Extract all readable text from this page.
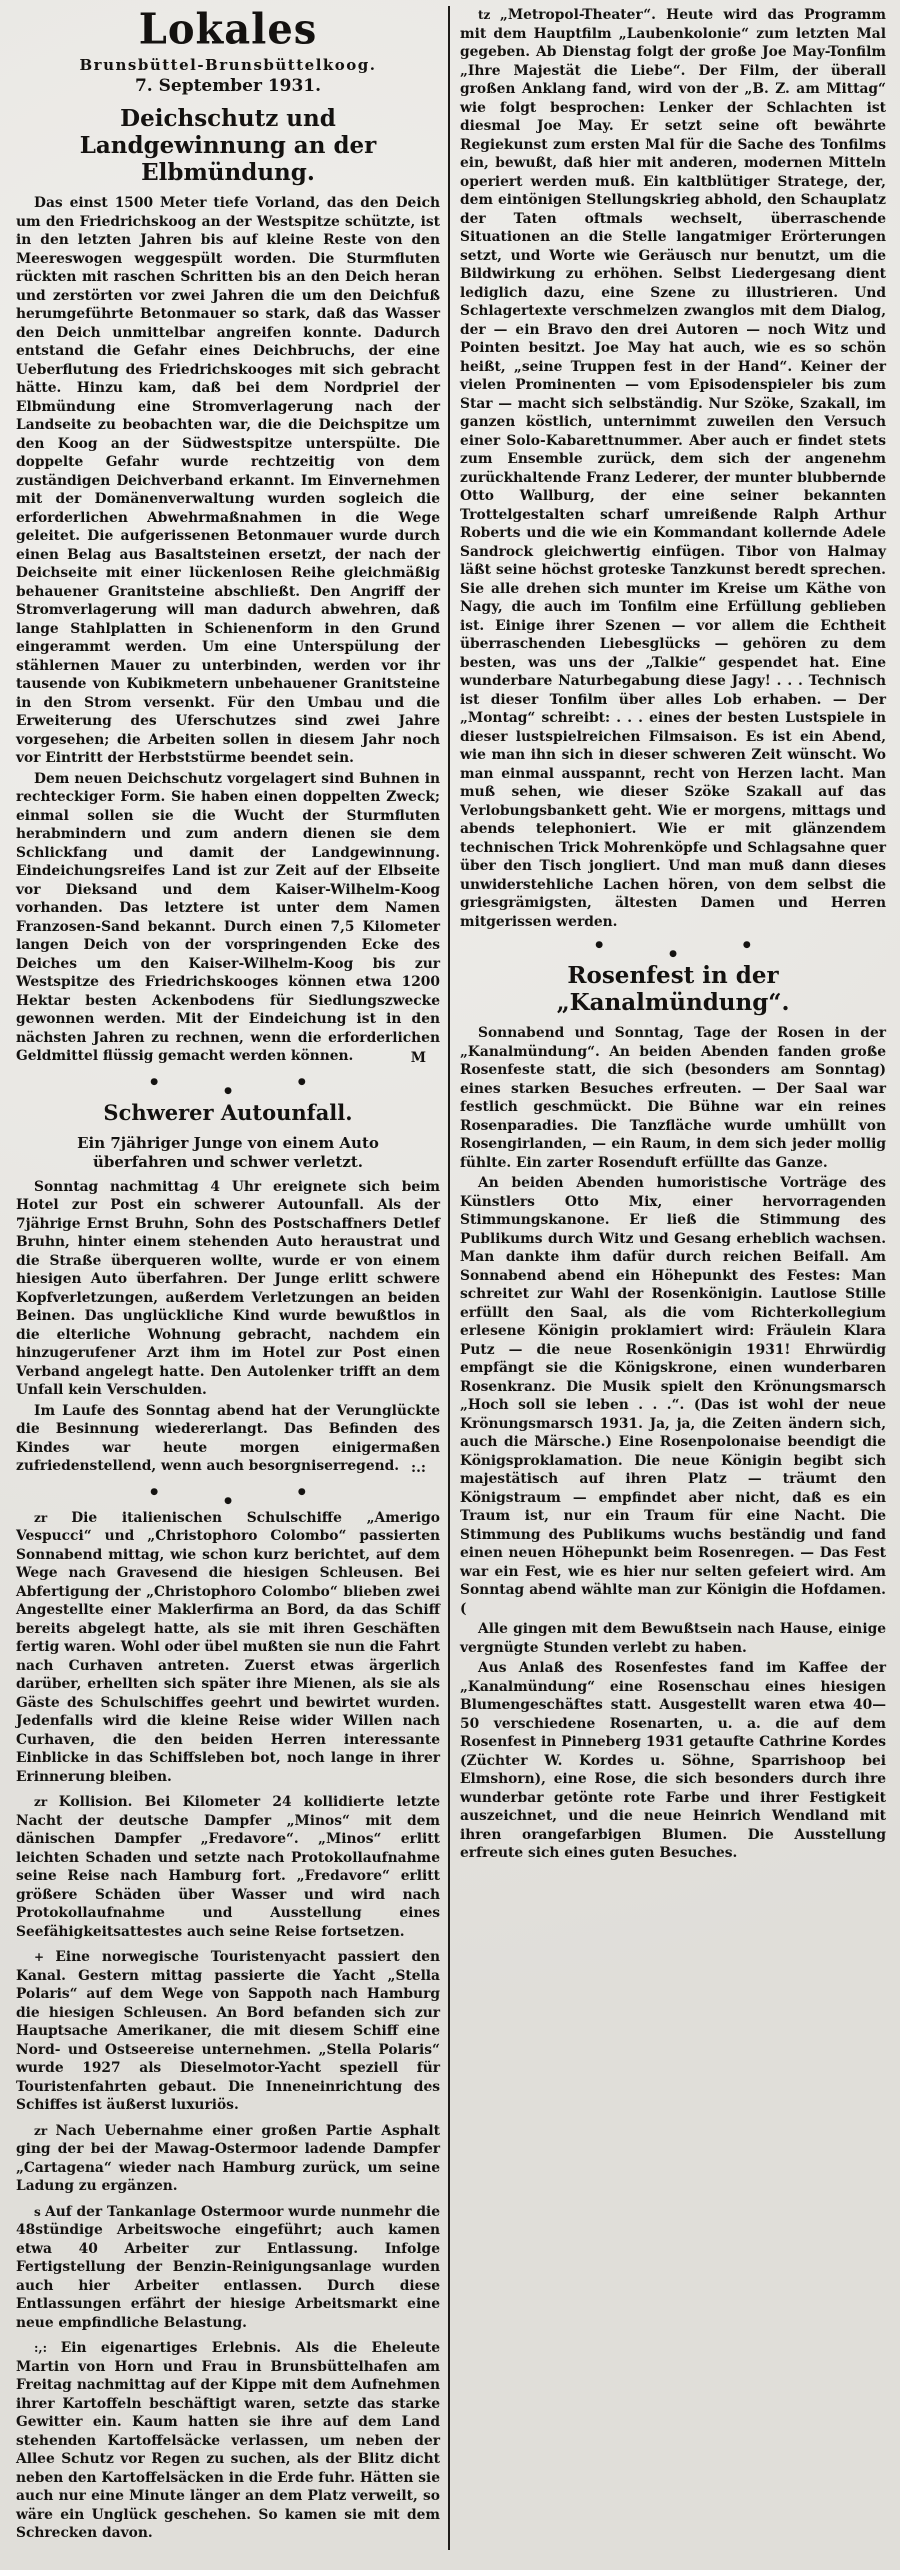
Lokales
Brunsbüttel-Brunsbüttelkoog.
7. September 1931.
Deichschutz und Landgewinnung an der Elbmündung.

Das einst 1500 Meter tiefe Vorland, das den Deich um den Friedrichskoog an der Westspitze schützte, ist in den letzten Jahren bis auf kleine Reste von den Meereswogen weggespült worden. Die Sturmfluten rückten mit raschen Schritten bis an den Deich heran und zerstörten vor zwei Jahren die um den Deichfuß herumgeführte Betonmauer so stark, daß das Wasser den Deich unmittelbar angreifen konnte. Dadurch entstand die Gefahr eines Deichbruchs, der eine Ueberflutung des Friedrichskooges mit sich gebracht hätte. Hinzu kam, daß bei dem Nordpriel der Elbmündung eine Stromverlagerung nach der Landseite zu beobachten war, die die Deichspitze um den Koog an der Südwestspitze unterspülte. Die doppelte Gefahr wurde rechtzeitig von dem zuständigen Deichverband erkannt. Im Einvernehmen mit der Domänenverwaltung wurden sogleich die erforderlichen Abwehrmaßnahmen in die Wege geleitet. Die aufgerissenen Betonmauer wurde durch einen Belag aus Basaltsteinen ersetzt, der nach der Deichseite mit einer lückenlosen Reihe gleichmäßig behauener Granitsteine abschließt. Den Angriff der Stromverlagerung will man dadurch abwehren, daß lange Stahlplatten in Schienenform in den Grund eingerammt werden. Um eine Unterspülung der stählernen Mauer zu unterbinden, werden vor ihr tausende von Kubikmetern unbehauener Granitsteine in den Strom versenkt. Für den Umbau und die Erweiterung des Uferschutzes sind zwei Jahre vorgesehen; die Arbeiten sollen in diesem Jahr noch vor Eintritt der Herbststürme beendet sein.

Dem neuen Deichschutz vorgelagert sind Buhnen in rechteckiger Form. Sie haben einen doppelten Zweck; einmal sollen sie die Wucht der Sturmfluten herabmindern und zum andern dienen sie dem Schlickfang und damit der Landgewinnung. Eindeichungsreifes Land ist zur Zeit auf der Elbseite vor Dieksand und dem Kaiser-Wilhelm-Koog vorhanden. Das letztere ist unter dem Namen Franzosen-Sand bekannt. Durch einen 7,5 Kilometer langen Deich von der vorspringenden Ecke des Deiches um den Kaiser-Wilhelm-Koog bis zur Westspitze des Friedrichskooges können etwa 1200 Hektar besten Ackenbodens für Siedlungszwecke gewonnen werden. Mit der Eindeichung ist in den nächsten Jahren zu rechnen, wenn die erforderlichen Geldmittel flüssig gemacht werden können.	M
●
●
●
Schwerer Autounfall.
Ein 7jähriger Junge von einem Auto überfahren und schwer verletzt.

Sonntag nachmittag 4 Uhr ereignete sich beim Hotel zur Post ein schwerer Autounfall. Als der 7jährige Ernst Bruhn, Sohn des Postschaffners Detlef Bruhn, hinter einem stehenden Auto heraustrat und die Straße überqueren wollte, wurde er von einem hiesigen Auto überfahren. Der Junge erlitt schwere Kopfverletzungen, außerdem Verletzungen an beiden Beinen. Das unglückliche Kind wurde bewußtlos in die elterliche Wohnung gebracht, nachdem ein hinzugerufener Arzt ihm im Hotel zur Post einen Verband angelegt hatte. Den Autolenker trifft an dem Unfall kein Verschulden.

Im Laufe des Sonntag abend hat der Verunglückte die Besinnung wiedererlangt. Das Befinden des Kindes war heute morgen einigermaßen zufriedenstellend, wenn auch besorgniserregend. :.:
●
●
●

zr Die italienischen Schulschiffe „Amerigo Vespucci“ und „Christophoro Colombo“ passierten Sonnabend mittag, wie schon kurz berichtet, auf dem Wege nach Gravesend die hiesigen Schleusen. Bei Abfertigung der „Christophoro Colombo“ blieben zwei Angestellte einer Maklerfirma an Bord, da das Schiff bereits abgelegt hatte, als sie mit ihren Geschäften fertig waren. Wohl oder übel mußten sie nun die Fahrt nach Curhaven antreten. Zuerst etwas ärgerlich darüber, erhellten sich später ihre Mienen, als sie als Gäste des Schulschiffes geehrt und bewirtet wurden. Jedenfalls wird die kleine Reise wider Willen nach Curhaven, die den beiden Herren interessante Einblicke in das Schiffsleben bot, noch lange in ihrer Erinnerung bleiben.

zr Kollision. Bei Kilometer 24 kollidierte letzte Nacht der deutsche Dampfer „Minos“ mit dem dänischen Dampfer „Fredavore“. „Minos“ erlitt leichten Schaden und setzte nach Protokollaufnahme seine Reise nach Hamburg fort. „Fredavore“ erlitt größere Schäden über Wasser und wird nach Protokollaufnahme und Ausstellung eines Seefähigkeitsattestes auch seine Reise fortsetzen.

+ Eine norwegische Touristenyacht passiert den Kanal. Gestern mittag passierte die Yacht „Stella Polaris“ auf dem Wege von Sappoth nach Hamburg die hiesigen Schleusen. An Bord befanden sich zur Hauptsache Amerikaner, die mit diesem Schiff eine Nord- und Ostseereise unternehmen. „Stella Polaris“ wurde 1927 als Dieselmotor-Yacht speziell für Touristenfahrten gebaut. Die Inneneinrichtung des Schiffes ist äußerst luxuriös.

zr Nach Uebernahme einer großen Partie Asphalt ging der bei der Mawag-Ostermoor ladende Dampfer „Cartagena“ wieder nach Hamburg zurück, um seine Ladung zu ergänzen.

s Auf der Tankanlage Ostermoor wurde nunmehr die 48stündige Arbeitswoche eingeführt; auch kamen etwa 40 Arbeiter zur Entlassung. Infolge Fertigstellung der Benzin-Reinigungsanlage wurden auch hier Arbeiter entlassen. Durch diese Entlassungen erfährt der hiesige Arbeitsmarkt eine neue empfindliche Belastung.

:,: Ein eigenartiges Erlebnis. Als die Eheleute Martin von Horn und Frau in Brunsbüttelhafen am Freitag nachmittag auf der Kippe mit dem Aufnehmen ihrer Kartoffeln beschäftigt waren, setzte das starke Gewitter ein. Kaum hatten sie ihre auf dem Land stehenden Kartoffelsäcke verlassen, um neben der Allee Schutz vor Regen zu suchen, als der Blitz dicht neben den Kartoffelsäcken in die Erde fuhr. Hätten sie auch nur eine Minute länger an dem Platz verweilt, so wäre ein Unglück geschehen. So kamen sie mit dem Schrecken davon.

tz „Metropol-Theater“. Heute wird das Programm mit dem Hauptfilm „Laubenkolonie“ zum letzten Mal gegeben. Ab Dienstag folgt der große Joe May-Tonfilm „Ihre Majestät die Liebe“. Der Film, der überall großen Anklang fand, wird von der „B. Z. am Mittag“ wie folgt besprochen: Lenker der Schlachten ist diesmal Joe May. Er setzt seine oft bewährte Regiekunst zum ersten Mal für die Sache des Tonfilms ein, bewußt, daß hier mit anderen, modernen Mitteln operiert werden muß. Ein kaltblütiger Stratege, der, dem eintönigen Stellungskrieg abhold, den Schauplatz der Taten oftmals wechselt, überraschende Situationen an die Stelle langatmiger Erörterungen setzt, und Worte wie Geräusch nur benutzt, um die Bildwirkung zu erhöhen. Selbst Liedergesang dient lediglich dazu, eine Szene zu illustrieren. Und Schlagertexte verschmelzen zwanglos mit dem Dialog, der — ein Bravo den drei Autoren — noch Witz und Pointen besitzt. Joe May hat auch, wie es so schön heißt, „seine Truppen fest in der Hand“. Keiner der vielen Prominenten — vom Episodenspieler bis zum Star — macht sich selbständig. Nur Szöke, Szakall, im ganzen köstlich, unternimmt zuweilen den Versuch einer Solo-Kabarettnummer. Aber auch er findet stets zum Ensemble zurück, dem sich der angenehm zurückhaltende Franz Lederer, der munter blubbernde Otto Wallburg, der eine seiner bekannten Trottelgestalten scharf umreißende Ralph Arthur Roberts und die wie ein Kommandant kollernde Adele Sandrock gleichwertig einfügen. Tibor von Halmay läßt seine höchst groteske Tanzkunst beredt sprechen. Sie alle drehen sich munter im Kreise um Käthe von Nagy, die auch im Tonfilm eine Erfüllung geblieben ist. Einige ihrer Szenen — vor allem die Echtheit überraschenden Liebesglücks — gehören zu dem besten, was uns der „Talkie“ gespendet hat. Eine wunderbare Naturbegabung diese Jagy! . . . Technisch ist dieser Tonfilm über alles Lob erhaben. — Der „Montag“ schreibt: . . . eines der besten Lustspiele in dieser lustspielreichen Filmsaison. Es ist ein Abend, wie man ihn sich in dieser schweren Zeit wünscht. Wo man einmal ausspannt, recht von Herzen lacht. Man muß sehen, wie dieser Szöke Szakall auf das Verlobungsbankett geht. Wie er morgens, mittags und abends telephoniert. Wie er mit glänzendem technischen Trick Mohrenköpfe und Schlagsahne quer über den Tisch jongliert. Und man muß dann dieses unwiderstehliche Lachen hören, von dem selbst die griesgrämigsten, ältesten Damen und Herren mitgerissen werden.

●
●
●
Rosenfest in der „Kanalmündung“.

Sonnabend und Sonntag, Tage der Rosen in der „Kanalmündung“. An beiden Abenden fanden große Rosenfeste statt, die sich (besonders am Sonntag) eines starken Besuches erfreuten. — Der Saal war festlich geschmückt. Die Bühne war ein reines Rosenparadies. Die Tanzfläche wurde umhüllt von Rosengirlanden, — ein Raum, in dem sich jeder mollig fühlte. Ein zarter Rosenduft erfüllte das Ganze.

An beiden Abenden humoristische Vorträge des Künstlers Otto Mix, einer hervorragenden Stimmungskanone. Er ließ die Stimmung des Publikums durch Witz und Gesang erheblich wachsen. Man dankte ihm dafür durch reichen Beifall. Am Sonnabend abend ein Höhepunkt des Festes: Man schreitet zur Wahl der Rosenkönigin. Lautlose Stille erfüllt den Saal, als die vom Richterkollegium erlesene Königin proklamiert wird: Fräulein Klara Putz — die neue Rosenkönigin 1931! Ehrwürdig empfängt sie die Königskrone, einen wunderbaren Rosenkranz. Die Musik spielt den Krönungsmarsch „Hoch soll sie leben . . .“. (Das ist wohl der neue Krönungsmarsch 1931. Ja, ja, die Zeiten ändern sich, auch die Märsche.) Eine Rosenpolonaise beendigt die Königsproklamation. Die neue Königin begibt sich majestätisch auf ihren Platz — träumt den Königstraum — empfindet aber nicht, daß es ein Traum ist, nur ein Traum für eine Nacht. Die Stimmung des Publikums wuchs beständig und fand einen neuen Höhepunkt beim Rosenregen. — Das Fest war ein Fest, wie es hier nur selten gefeiert wird. Am Sonntag abend wählte man zur Königin die Hofdamen. (

Alle gingen mit dem Bewußtsein nach Hause, einige vergnügte Stunden verlebt zu haben.

Aus Anlaß des Rosenfestes fand im Kaffee der „Kanalmündung“ eine Rosenschau eines hiesigen Blumengeschäftes statt. Ausgestellt waren etwa 40—50 verschiedene Rosenarten, u. a. die auf dem Rosenfest in Pinneberg 1931 getaufte Cathrine Kordes (Züchter W. Kordes u. Söhne, Sparrishoop bei Elmshorn), eine Rose, die sich besonders durch ihre wunderbar getönte rote Farbe und ihrer Festigkeit auszeichnet, und die neue Heinrich Wendland mit ihren orangefarbigen Blumen. Die Ausstellung erfreute sich eines guten Besuches.
